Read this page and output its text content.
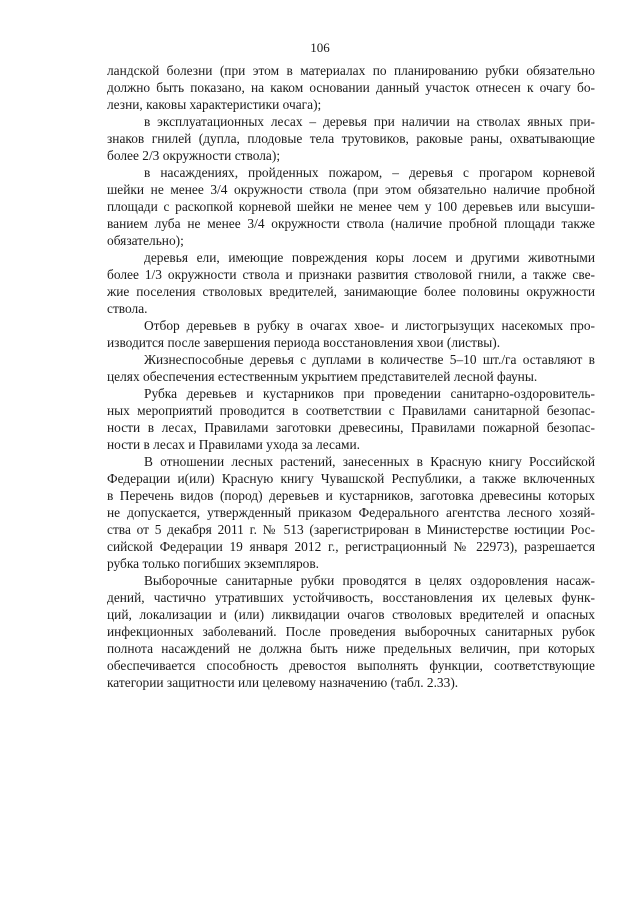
106
ландской болезни (при этом в материалах по планированию рубки обязательно
должно быть показано, на каком основании данный участок отнесен к очагу бо-
лезни, каковы характеристики очага);
в эксплуатационных лесах – деревья при наличии на стволах явных при-
знаков гнилей (дупла, плодовые тела трутовиков, раковые раны, охватывающие
более 2/3 окружности ствола);
в насаждениях, пройденных пожаром, – деревья с прогаром корневой
шейки не менее 3/4 окружности ствола (при этом обязательно наличие пробной
площади с раскопкой корневой шейки не менее чем у 100 деревьев или высуши-
ванием луба не менее 3/4 окружности ствола (наличие пробной площади также
обязательно);
деревья ели, имеющие повреждения коры лосем и другими животными
более 1/3 окружности ствола и признаки развития стволовой гнили, а также све-
жие поселения стволовых вредителей, занимающие более половины окружности
ствола.
Отбор деревьев в рубку в очагах хвое- и листогрызущих насекомых про-
изводится после завершения периода восстановления хвои (листвы).
Жизнеспособные деревья с дуплами в количестве 5–10 шт./га оставляют в
целях обеспечения естественным укрытием представителей лесной фауны.
Рубка деревьев и кустарников при проведении санитарно-оздоровитель-
ных мероприятий проводится в соответствии с Правилами санитарной безопас-
ности в лесах, Правилами заготовки древесины, Правилами пожарной безопас-
ности в лесах и Правилами ухода за лесами.
В отношении лесных растений, занесенных в Красную книгу Российской
Федерации и(или) Красную книгу Чувашской Республики, а также включенных
в Перечень видов (пород) деревьев и кустарников, заготовка древесины которых
не допускается, утвержденный приказом Федерального агентства лесного хозяй-
ства от 5 декабря 2011 г. № 513 (зарегистрирован в Министерстве юстиции Рос-
сийской Федерации 19 января 2012 г., регистрационный № 22973), разрешается
рубка только погибших экземпляров.
Выборочные санитарные рубки проводятся в целях оздоровления насаж-
дений, частично утративших устойчивость, восстановления их целевых функ-
ций, локализации и (или) ликвидации очагов стволовых вредителей и опасных
инфекционных заболеваний. После проведения выборочных санитарных рубок
полнота насаждений не должна быть ниже предельных величин, при которых
обеспечивается способность древостоя выполнять функции, соответствующие
категории защитности или целевому назначению (табл. 2.33).
